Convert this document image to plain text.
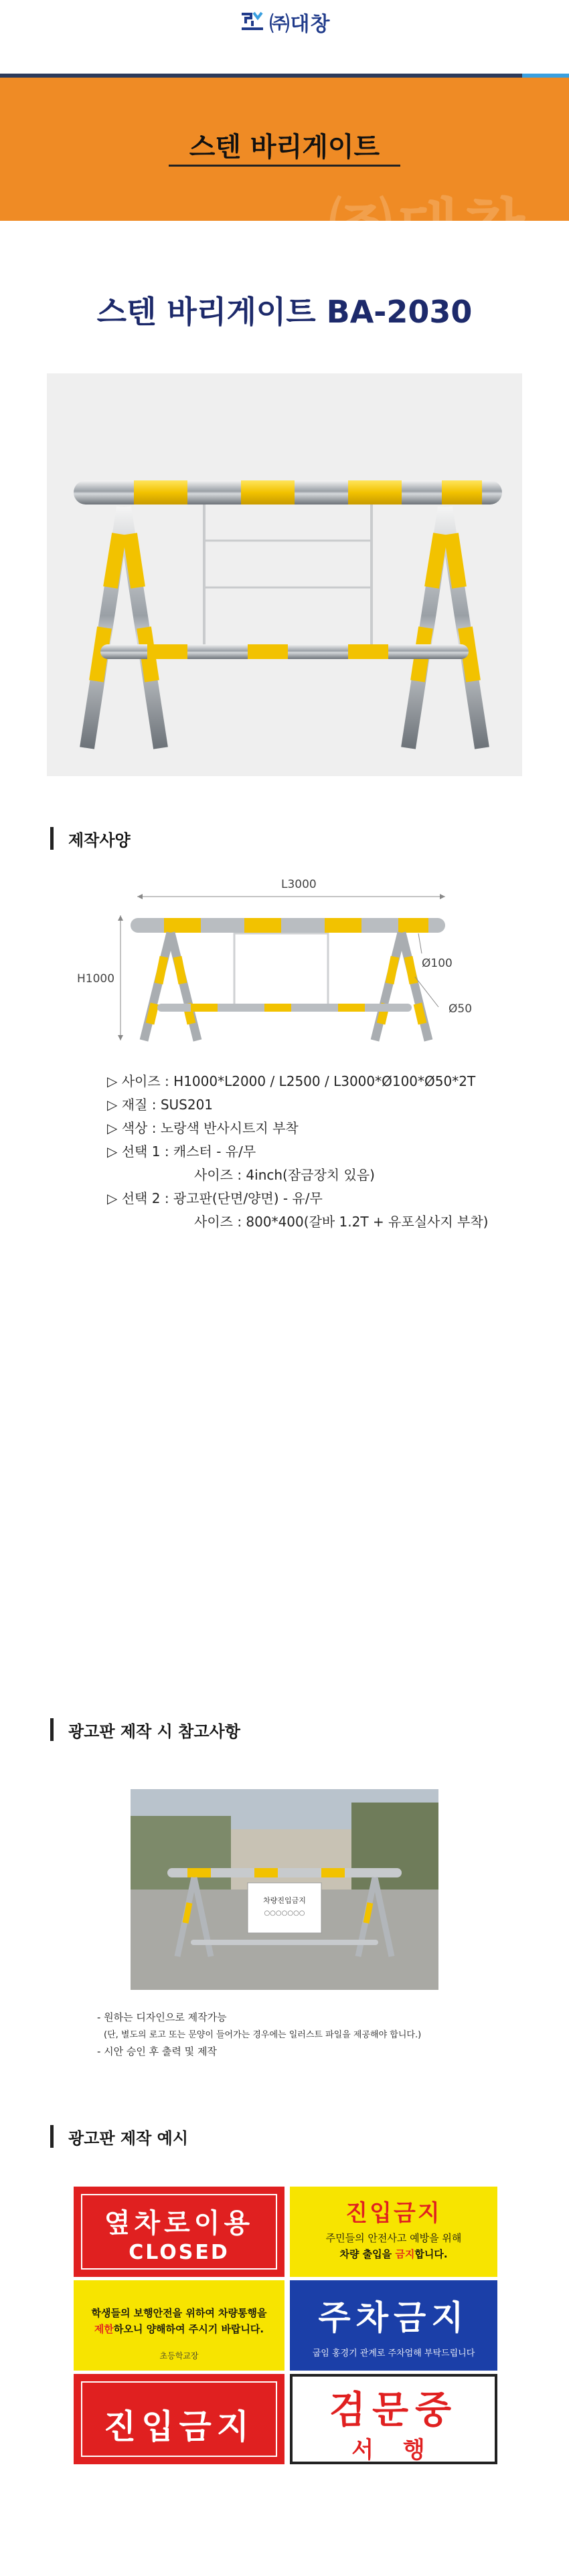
㈜대창
㈜대창
스텐 바리게이트
스텐 바리게이트 BA-2030
제작사양
L3000
H1000
Ø100
Ø50
▷ 사이즈 : H1000*L2000 / L2500 / L3000*Ø100*Ø50*2T
▷ 재질 : SUS201
▷ 색상 : 노랑색 반사시트지 부착
▷ 선택 1 : 캐스터 - 유/무
사이즈 : 4inch(잠금장치 있음)
▷ 선택 2 : 광고판(단면/양면) - 유/무
사이즈 : 800*400(갈바 1.2T + 유포실사지 부착)
광고판 제작 시 참고사항
차량진입금지
○○○○○○○
- 원하는 디자인으로 제작가능
(단, 별도의 로고 또는 문양이 들어가는 경우에는 일러스트 파일을 제공해야 합니다.)
- 시안 승인 후 출력 및 제작
광고판 제작 예시
옆차로이용
CLOSED
진입금지
주민들의 안전사고 예방을 위해
차량 출입을 금지합니다.
학생들의 보행안전을 위하여 차량통행을
제한하오니 양해하여 주시기 바랍니다.
초등학교장
주차금지
굽임 홍경기 관계로 주차엄해 부탁드립니다
진입금지	검문중
서 행
